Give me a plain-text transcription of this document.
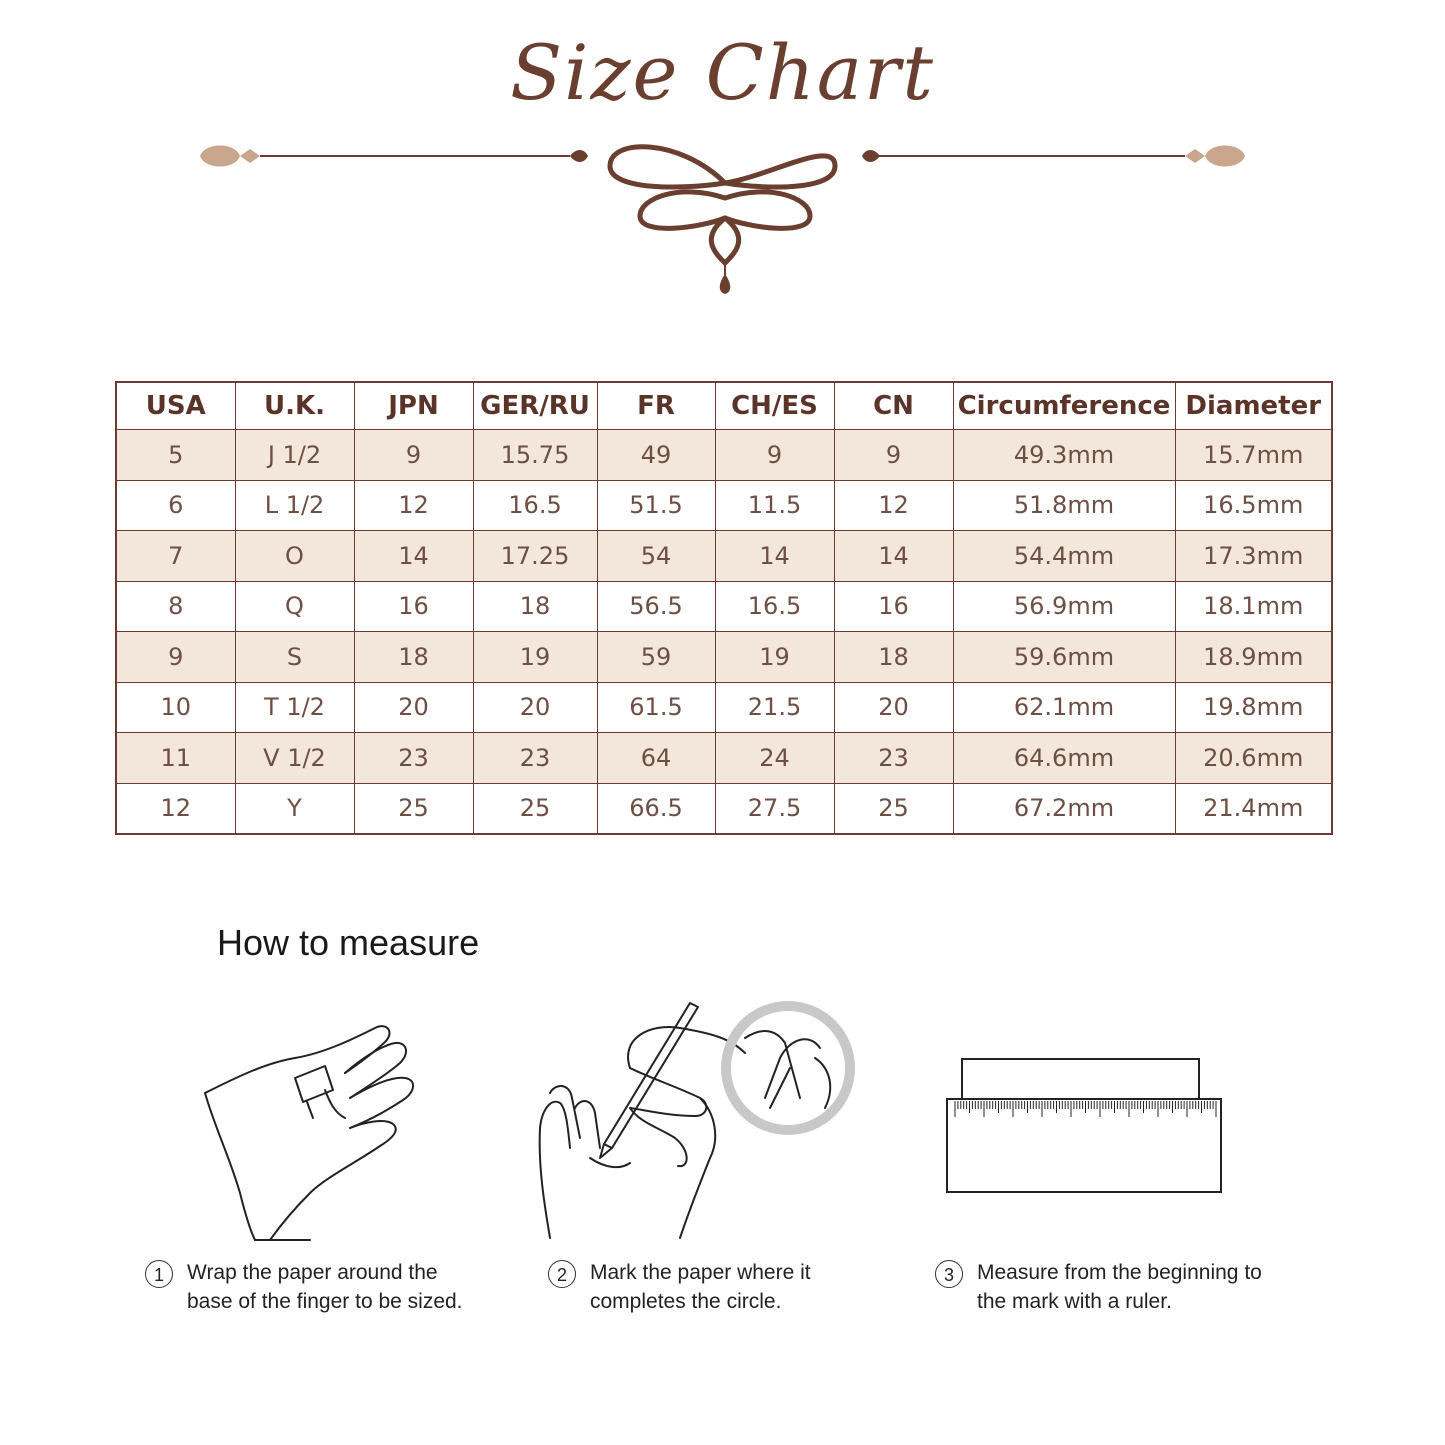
Size Chart
USA	U.K.	JPN	GER/RU	FR	CH/ES	CN	Circumference	Diameter
5	J 1/2	9	15.75	49	9	9	49.3mm	15.7mm
6	L 1/2	12	16.5	51.5	11.5	12	51.8mm	16.5mm
7	O	14	17.25	54	14	14	54.4mm	17.3mm
8	Q	16	18	56.5	16.5	16	56.9mm	18.1mm
9	S	18	19	59	19	18	59.6mm	18.9mm
10	T 1/2	20	20	61.5	21.5	20	62.1mm	19.8mm
11	V 1/2	23	23	64	24	23	64.6mm	20.6mm
12	Y	25	25	66.5	27.5	25	67.2mm	21.4mm
How to measure
1	Wrap the paper around the base of the finger to be sized.
2	Mark the paper where it completes the circle.
3	Measure from the beginning to the mark with a ruler.
